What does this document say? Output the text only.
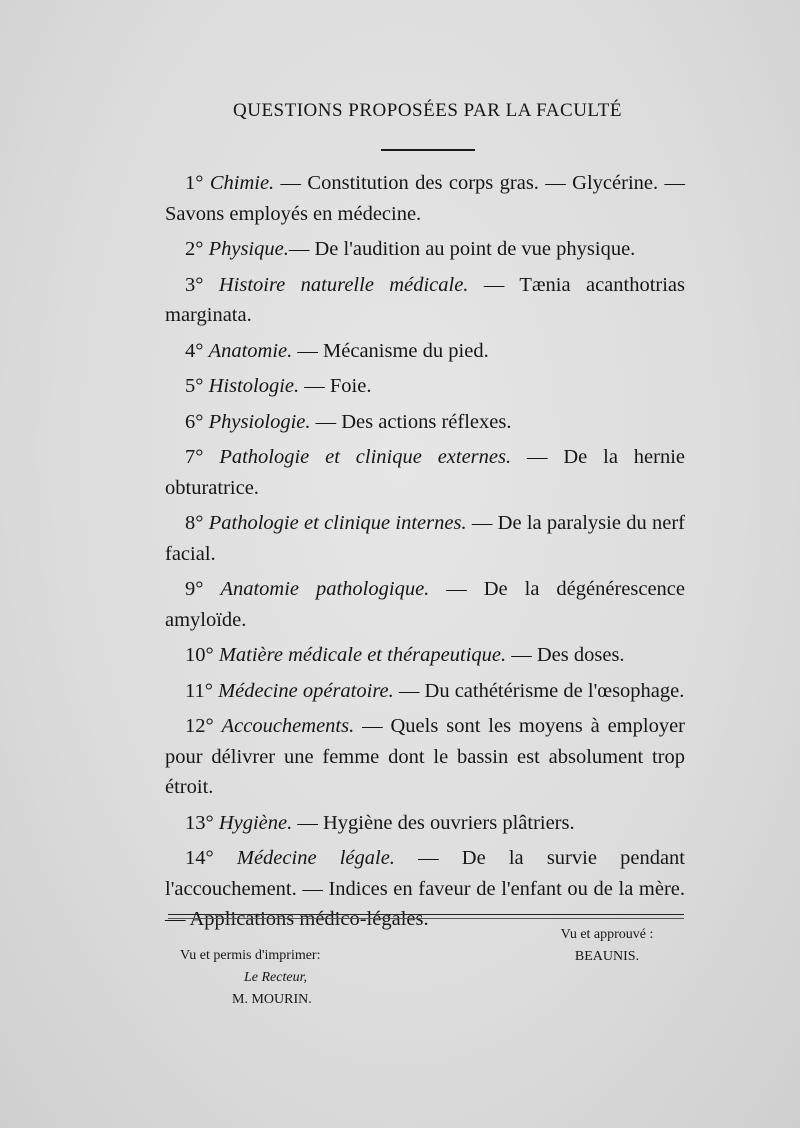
QUESTIONS PROPOSÉES PAR LA FACULTÉ

1° Chimie. — Constitution des corps gras. — Glycérine. — Savons employés en médecine.

2° Physique.— De l'audition au point de vue physique.

3° Histoire naturelle médicale. — Tænia acanthotrias marginata.

4° Anatomie. — Mécanisme du pied.

5° Histologie. — Foie.

6° Physiologie. — Des actions réflexes.

7° Pathologie et clinique externes. — De la hernie obturatrice.

8° Pathologie et clinique internes. — De la paralysie du nerf facial.

9° Anatomie pathologique. — De la dégénérescence amyloïde.

10° Matière médicale et thérapeutique. — Des doses.

11° Médecine opératoire. — Du cathétérisme de l'œsophage.

12° Accouchements. — Quels sont les moyens à employer pour délivrer une femme dont le bassin est absolument trop étroit.

13° Hygiène. — Hygiène des ouvriers plâtriers.

14° Médecine légale. — De la survie pendant l'accouchement. — Indices en faveur de l'enfant ou de la mère. — Applications médico-légales.

Vu et approuvé :
BEAUNIS.
Vu et permis d'imprimer:
Le Recteur,
M. MOURIN.
